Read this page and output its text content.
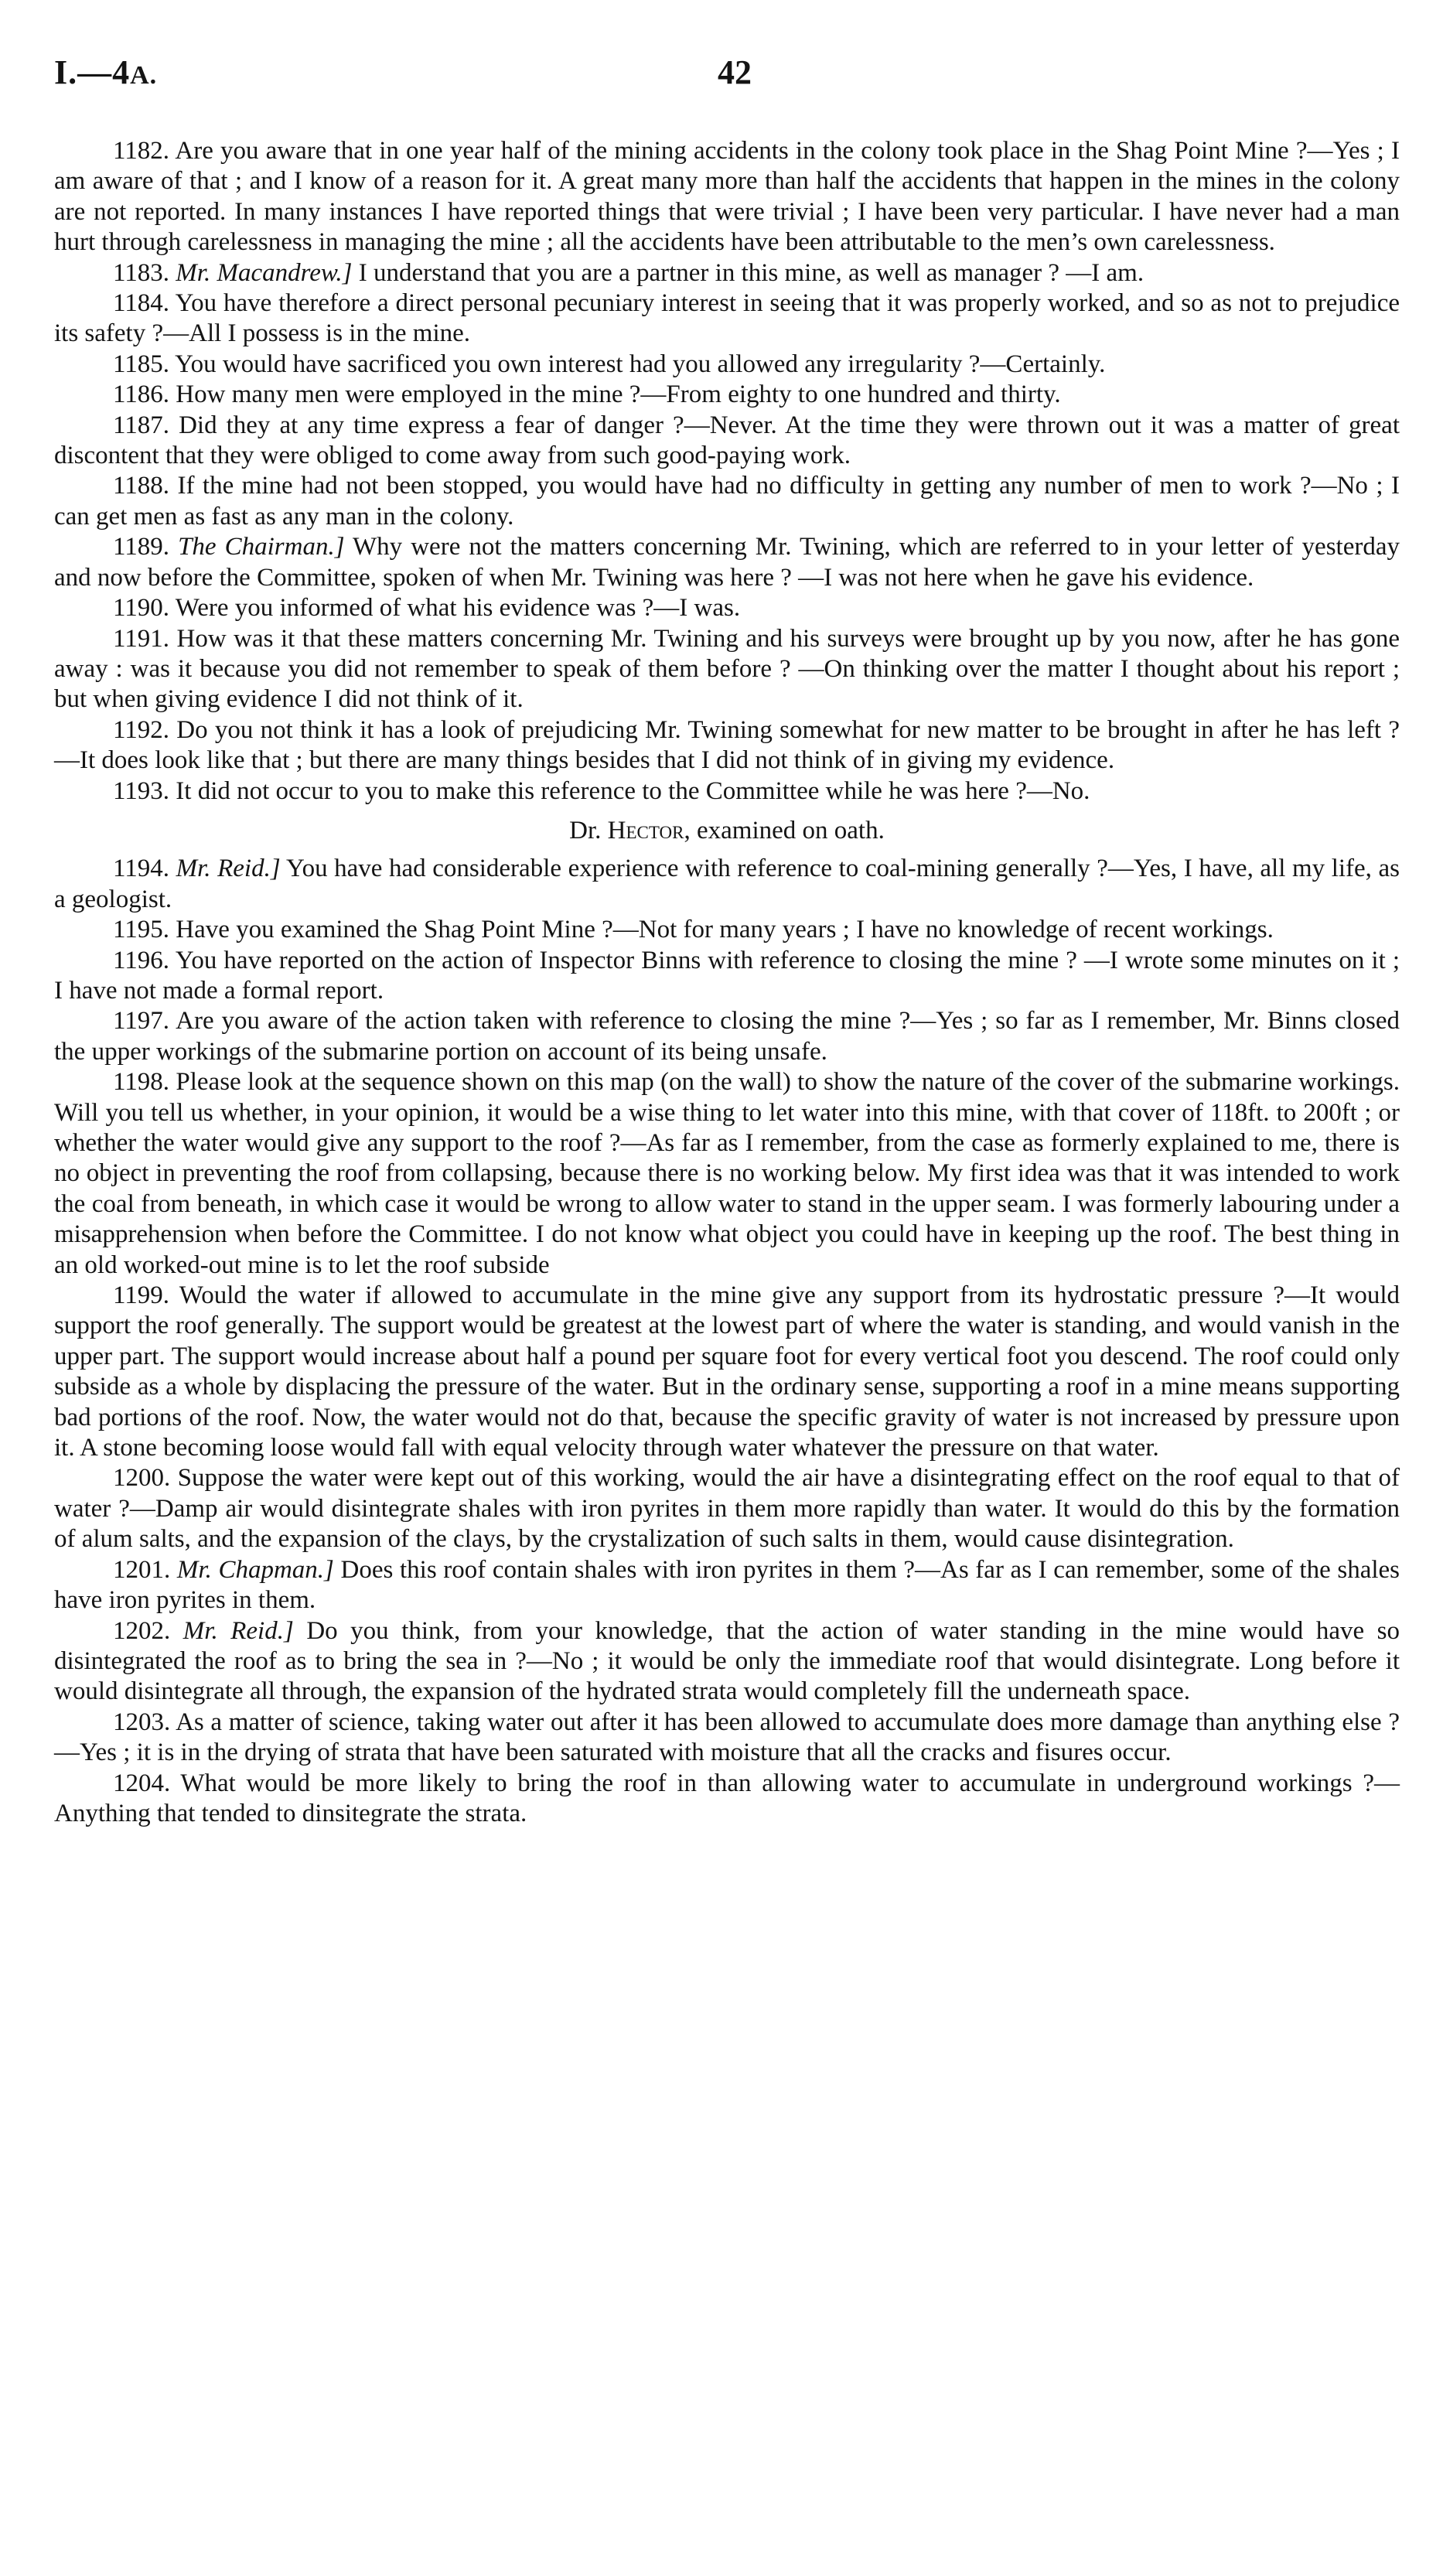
I.—4A.	42

1182. Are you aware that in one year half of the mining accidents in the colony took place in the Shag Point Mine ?—Yes ; I am aware of that ; and I know of a reason for it. A great many more than half the accidents that happen in the mines in the colony are not reported. In many instances I have reported things that were trivial ; I have been very particular. I have never had a man hurt through carelessness in managing the mine ; all the accidents have been attributable to the men’s own carelessness.

1183. Mr. Macandrew.] I understand that you are a partner in this mine, as well as manager ? —I am.

1184. You have therefore a direct personal pecuniary interest in seeing that it was properly worked, and so as not to prejudice its safety ?—All I possess is in the mine.

1185. You would have sacrificed you own interest had you allowed any irregularity ?—Certainly.

1186. How many men were employed in the mine ?—From eighty to one hundred and thirty.

1187. Did they at any time express a fear of danger ?—Never. At the time they were thrown out it was a matter of great discontent that they were obliged to come away from such good-paying work.

1188. If the mine had not been stopped, you would have had no difficulty in getting any number of men to work ?—No ; I can get men as fast as any man in the colony.

1189. The Chairman.] Why were not the matters concerning Mr. Twining, which are referred to in your letter of yesterday and now before the Committee, spoken of when Mr. Twining was here ? —I was not here when he gave his evidence.

1190. Were you informed of what his evidence was ?—I was.

1191. How was it that these matters concerning Mr. Twining and his surveys were brought up by you now, after he has gone away : was it because you did not remember to speak of them before ? —On thinking over the matter I thought about his report ; but when giving evidence I did not think of it.

1192. Do you not think it has a look of prejudicing Mr. Twining somewhat for new matter to be brought in after he has left ?—It does look like that ; but there are many things besides that I did not think of in giving my evidence.

1193. It did not occur to you to make this reference to the Committee while he was here ?—No.

Dr. Hector, examined on oath.

1194. Mr. Reid.] You have had considerable experience with reference to coal-mining generally ?—Yes, I have, all my life, as a geologist.

1195. Have you examined the Shag Point Mine ?—Not for many years ; I have no knowledge of recent workings.

1196. You have reported on the action of Inspector Binns with reference to closing the mine ? —I wrote some minutes on it ; I have not made a formal report.

1197. Are you aware of the action taken with reference to closing the mine ?—Yes ; so far as I remember, Mr. Binns closed the upper workings of the submarine portion on account of its being unsafe.

1198. Please look at the sequence shown on this map (on the wall) to show the nature of the cover of the submarine workings. Will you tell us whether, in your opinion, it would be a wise thing to let water into this mine, with that cover of 118ft. to 200ft ; or whether the water would give any support to the roof ?—As far as I remember, from the case as formerly explained to me, there is no object in preventing the roof from collapsing, because there is no working below. My first idea was that it was intended to work the coal from beneath, in which case it would be wrong to allow water to stand in the upper seam. I was formerly labouring under a misapprehension when before the Committee. I do not know what object you could have in keeping up the roof. The best thing in an old worked-out mine is to let the roof subside

1199. Would the water if allowed to accumulate in the mine give any support from its hydrostatic pressure ?—It would support the roof generally. The support would be greatest at the lowest part of where the water is standing, and would vanish in the upper part. The support would increase about half a pound per square foot for every vertical foot you descend. The roof could only subside as a whole by displacing the pressure of the water. But in the ordinary sense, supporting a roof in a mine means supporting bad portions of the roof. Now, the water would not do that, because the specific gravity of water is not increased by pressure upon it. A stone becoming loose would fall with equal velocity through water whatever the pressure on that water.

1200. Suppose the water were kept out of this working, would the air have a disintegrating effect on the roof equal to that of water ?—Damp air would disintegrate shales with iron pyrites in them more rapidly than water. It would do this by the formation of alum salts, and the expansion of the clays, by the crystalization of such salts in them, would cause disintegration.

1201. Mr. Chapman.] Does this roof contain shales with iron pyrites in them ?—As far as I can remember, some of the shales have iron pyrites in them.

1202. Mr. Reid.] Do you think, from your knowledge, that the action of water standing in the mine would have so disintegrated the roof as to bring the sea in ?—No ; it would be only the immediate roof that would disintegrate. Long before it would disintegrate all through, the expansion of the hydrated strata would completely fill the underneath space.

1203. As a matter of science, taking water out after it has been allowed to accumulate does more damage than anything else ?—Yes ; it is in the drying of strata that have been saturated with moisture that all the cracks and fisures occur.

1204. What would be more likely to bring the roof in than allowing water to accumulate in underground workings ?—Anything that tended to dinsitegrate the strata.
